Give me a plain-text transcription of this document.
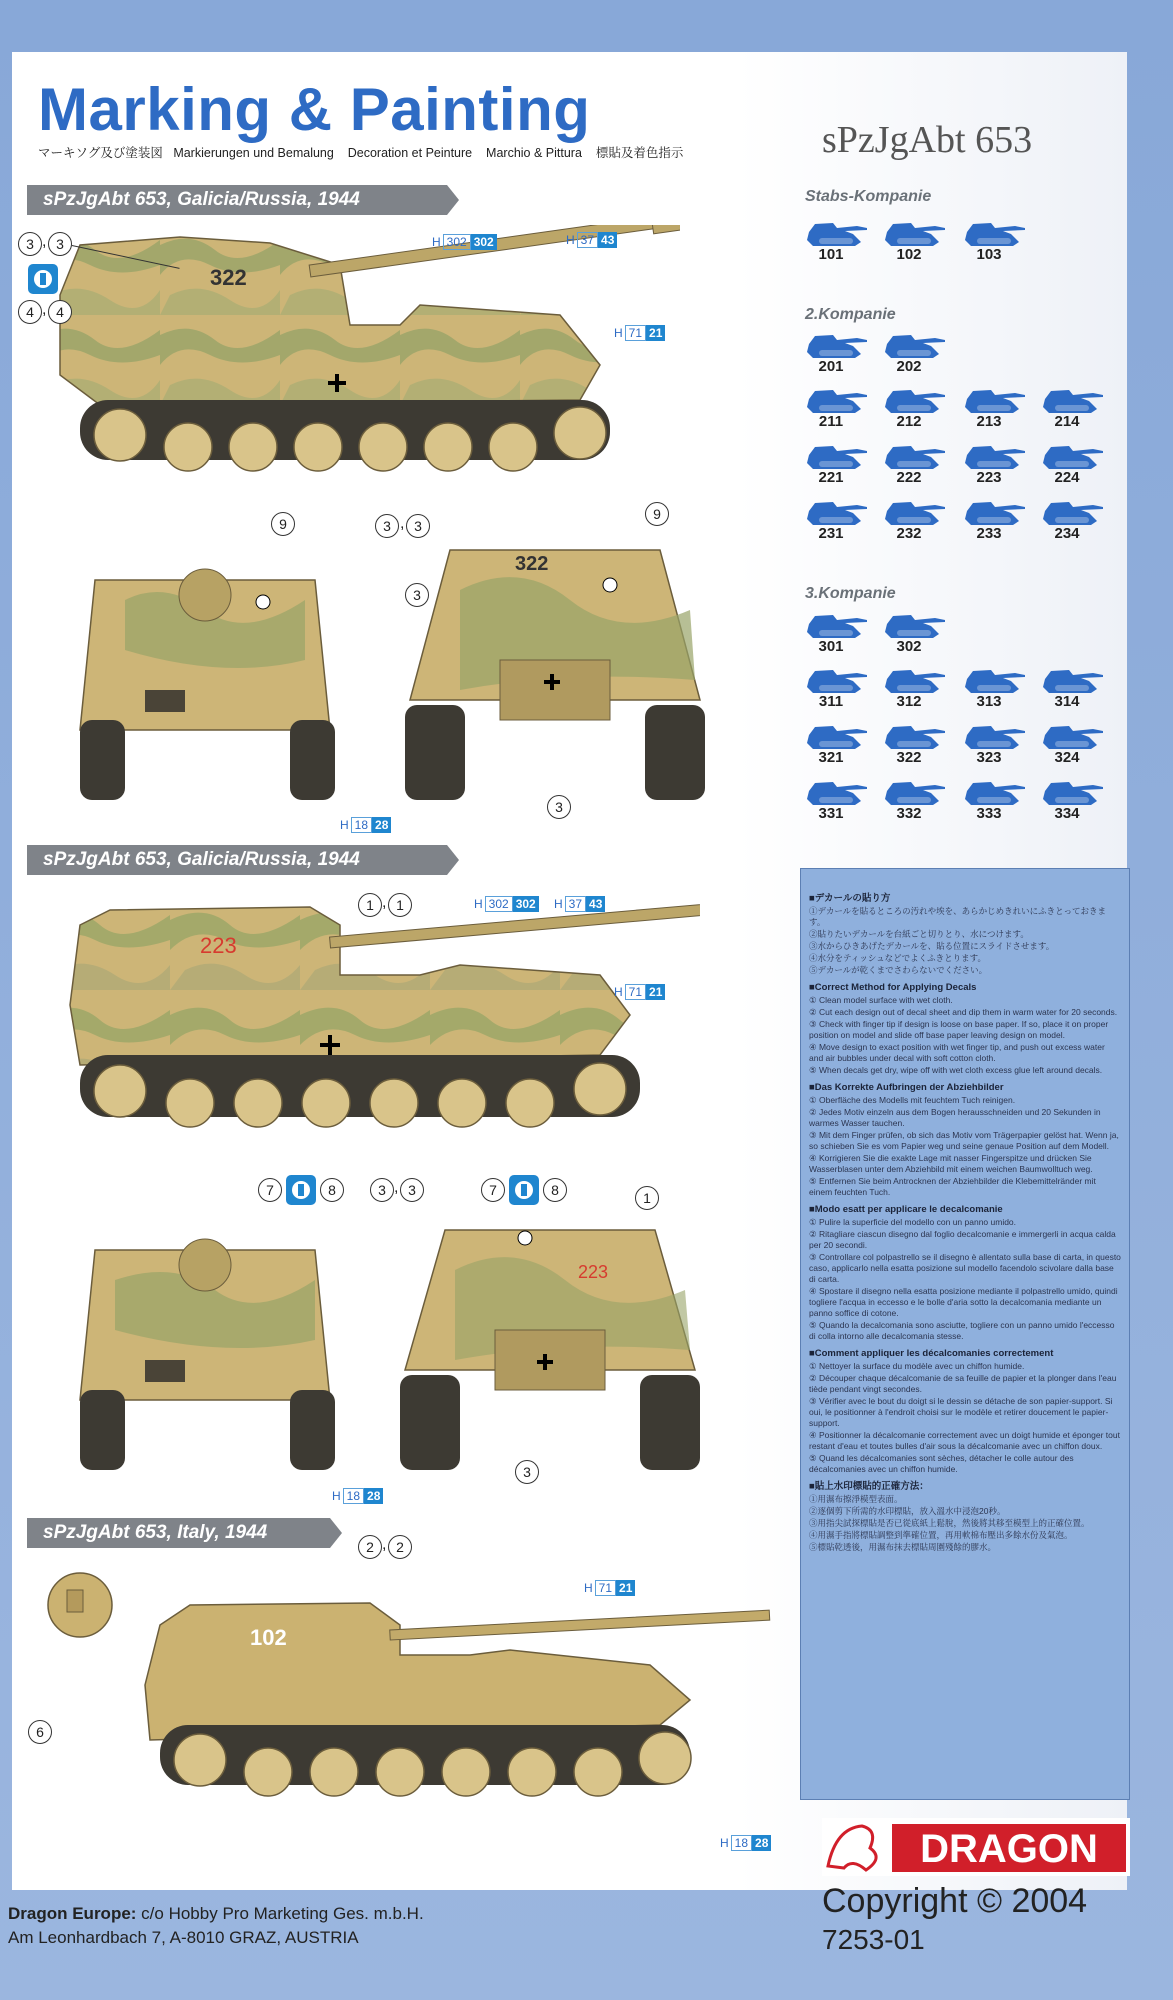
Marking & Painting
マーキソグ及び塗装図 Markierungen und Bemalung Decoration et Peinture Marchio & Pittura 標貼及着色指示	sPzJgAbt 653
sPzJgAbt 653, Galicia/Russia, 1944
sPzJgAbt 653, Galicia/Russia, 1944
sPzJgAbt 653, Italy, 1944
322
3 , 3
4 , 4
H 302 302	H 37 43
H 71 21
3 , 3
322
9
9
3
3
H 18 28
223
1 , 1	H 302 302 H 37 43
H 71 21
7	8	3 , 3	7	8	1
223
3
H 18 28
102
6
2 , 2
H 71 21
H 18 28
Stabs-Kompanie
2.Kompanie
3.Kompanie
101	102	103
201	202
211	212	213	214
221	222	223	224
231	232	233	234
301	302
311	312	313	314
321	322	323	324
331	332	333	334
■デカールの貼り方

①デカールを貼るところの汚れや埃を、あらかじめきれいにふきとっておきます。

②貼りたいデカールを台紙ごと切りとり、水につけます。

③水からひきあげたデカールを、貼る位置にスライドさせます。

④水分をティッシュなどでよくふきとります。

⑤デカールが乾くまでさわらないでください。

■Correct Method for Applying Decals

① Clean model surface with wet cloth.

② Cut each design out of decal sheet and dip them in warm water for 20 seconds.

③ Check with finger tip if design is loose on base paper. If so, place it on proper position on model and slide off base paper leaving design on model.

④ Move design to exact position with wet finger tip, and push out excess water and air bubbles under decal with soft cotton cloth.

⑤ When decals get dry, wipe off with wet cloth excess glue left around decals.

■Das Korrekte Aufbringen der Abziehbilder

① Oberfläche des Modells mit feuchtem Tuch reinigen.

② Jedes Motiv einzeln aus dem Bogen herausschneiden und 20 Sekunden in warmes Wasser tauchen.

③ Mit dem Finger prüfen, ob sich das Motiv vom Trägerpapier gelöst hat. Wenn ja, so schieben Sie es vom Papier weg und seine genaue Position auf dem Modell.

④ Korrigieren Sie die exakte Lage mit nasser Fingerspitze und drücken Sie Wasserblasen unter dem Abziehbild mit einem weichen Baumwolltuch weg.

⑤ Entfernen Sie beim Antrocknen der Abziehbilder die Klebemittelränder mit einem feuchten Tuch.

■Modo esatt per applicare le decalcomanie

① Pulire la superficie del modello con un panno umido.

② Ritagliare ciascun disegno dal foglio decalcomanie e immergerli in acqua calda per 20 secondi.

③ Controllare col polpastrello se il disegno è allentato sulla base di carta, in questo caso, applicarlo nella esatta posizione sul modello facendolo scivolare dalla base di carta.

④ Spostare il disegno nella esatta posizione mediante il polpastrello umido, quindi togliere l'acqua in eccesso e le bolle d'aria sotto la decalcomania mediante un panno soffice di cotone.

⑤ Quando la decalcomania sono asciutte, togliere con un panno umido l'eccesso di colla intorno alle decalcomania stesse.

■Comment appliquer les décalcomanies correctement

① Nettoyer la surface du modèle avec un chiffon humide.

② Découper chaque décalcomanie de sa feuille de papier et la plonger dans l'eau tiède pendant vingt secondes.

③ Vérifier avec le bout du doigt si le dessin se détache de son papier-support. Si oui, le positionner à l'endroit choisi sur le modèle et retirer doucement le papier-support.

④ Positionner la décalcomanie correctement avec un doigt humide et éponger tout restant d'eau et toutes bulles d'air sous la décalcomanie avec un chiffon doux.

⑤ Quand les décalcomanies sont sèches, détacher le colle autour des décalcomanies avec un chiffon humide.

■貼上水印標貼的正確方法：

①用濕布擦淨模型表面。

②逐個剪下所需的水印標貼，放入溫水中浸泡20秒。

③用指尖試探標貼是否已從底紙上鬆脫，然後將其移至模型上的正確位置。

④用濕手指將標貼調整到準確位置，再用軟棉布壓出多餘水份及氣泡。

⑤標貼乾透後，用濕布抹去標貼周圍殘餘的膠水。

DRAGON
Copyright © 2004
7253-01
Dragon Europe: c/o Hobby Pro Marketing Ges. m.b.H.
Am Leonhardbach 7, A-8010 GRAZ, AUSTRIA
